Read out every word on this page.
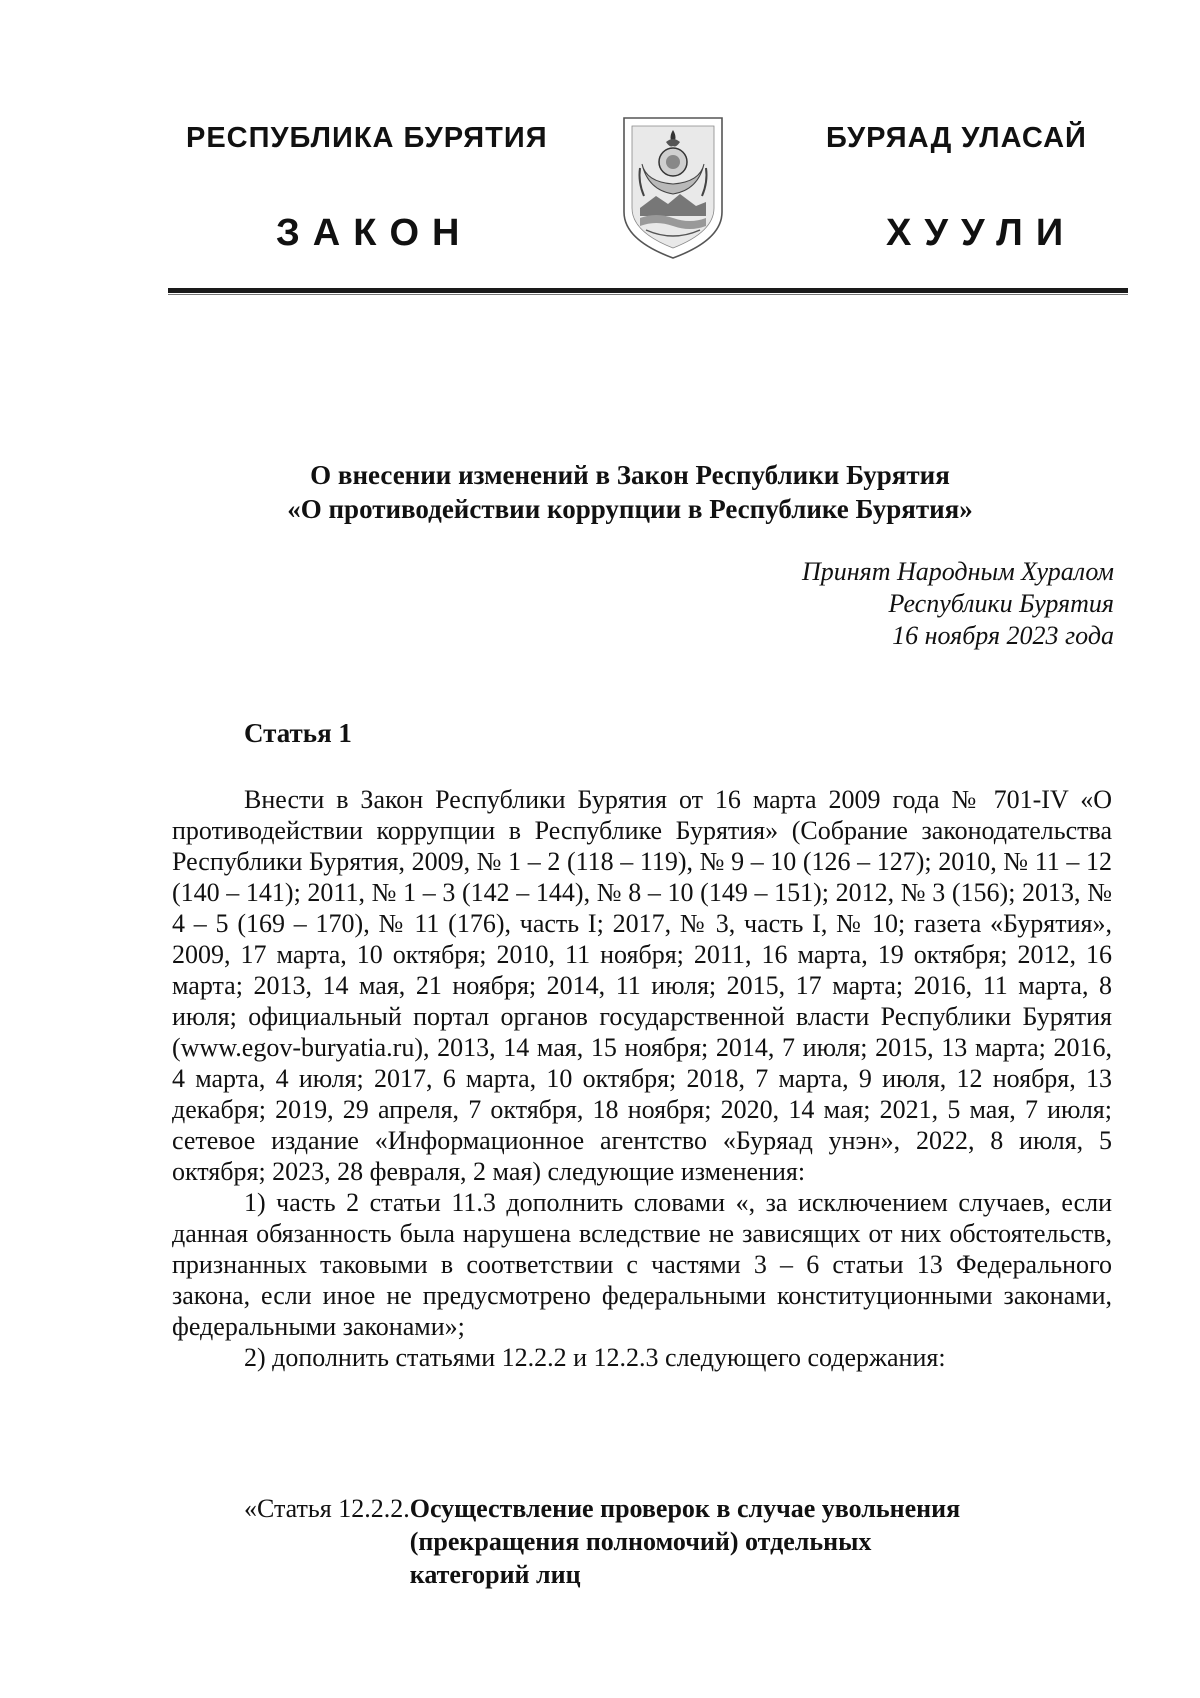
РЕСПУБЛИКА БУРЯТИЯ
ЗАКОН
БУРЯАД УЛАСАЙ
ХУУЛИ
О внесении изменений в Закон Республики Бурятия
«О противодействии коррупции в Республике Бурятия»
Принят Народным Хуралом
Республики Бурятия
16 ноября 2023 года
Статья 1

Внести в Закон Республики Бурятия от 16 марта 2009 года № 701-IV «О противодействии коррупции в Республике Бурятия» (Собрание законодательства Республики Бурятия, 2009, № 1 – 2 (118 – 119), № 9 – 10 (126 – 127); 2010, № 11 – 12 (140 – 141); 2011, № 1 – 3 (142 – 144), № 8 – 10 (149 – 151); 2012, № 3 (156); 2013, № 4 – 5 (169 – 170), № 11 (176), часть I; 2017, № 3, часть I, № 10; газета «Бурятия», 2009, 17 марта, 10 октября; 2010, 11 ноября; 2011, 16 марта, 19 октября; 2012, 16 марта; 2013, 14 мая, 21 ноября; 2014, 11 июля; 2015, 17 марта; 2016, 11 марта, 8 июля; официальный портал органов государственной власти Республики Бурятия (www.egov-buryatia.ru), 2013, 14 мая, 15 ноября; 2014, 7 июля; 2015, 13 марта; 2016, 4 марта, 4 июля; 2017, 6 марта, 10 октября; 2018, 7 марта, 9 июля, 12 ноября, 13 декабря; 2019, 29 апреля, 7 октября, 18 ноября; 2020, 14 мая; 2021, 5 мая, 7 июля; сетевое издание «Информационное агентство «Буряад унэн», 2022, 8 июля, 5 октября; 2023, 28 февраля, 2 мая) следующие изменения:

1) часть 2 статьи 11.3 дополнить словами «, за исключением случаев, если данная обязанность была нарушена вследствие не зависящих от них обстоятельств, признанных таковыми в соответствии с частями 3 – 6 статьи 13 Федерального закона, если иное не предусмотрено федеральными конституционными законами, федеральными законами»;

2) дополнить статьями 12.2.2 и 12.2.3 следующего содержания:

«Статья 12.2.2.Осуществление проверок в случае увольнения
(прекращения полномочий) отдельных
категорий лиц
